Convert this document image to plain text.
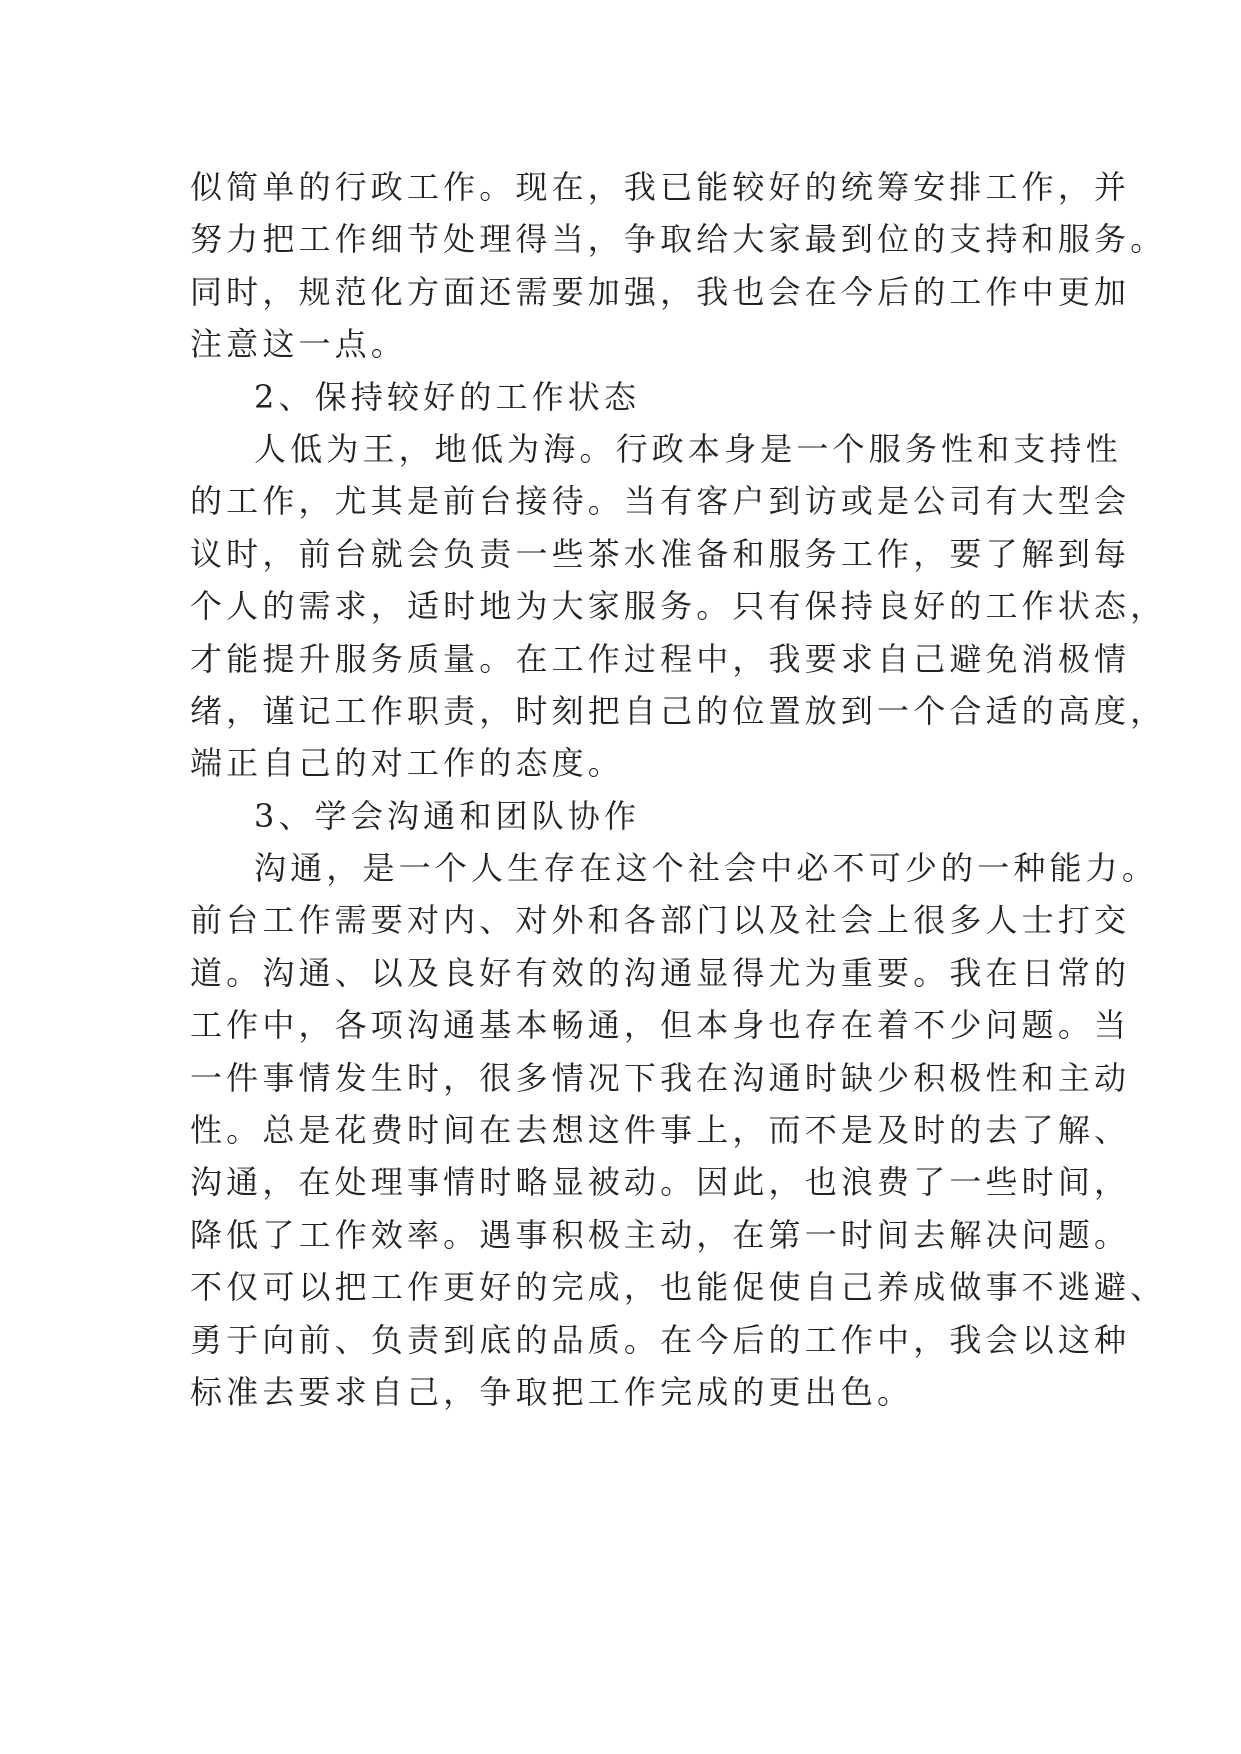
似简单的行政工作。现在，我已能较好的统筹安排工作，并
努力把工作细节处理得当，争取给大家最到位的支持和服务。
同时，规范化方面还需要加强，我也会在今后的工作中更加
注意这一点。
2、保持较好的工作状态
人低为王，地低为海。行政本身是一个服务性和支持性
的工作，尤其是前台接待。当有客户到访或是公司有大型会
议时，前台就会负责一些茶水准备和服务工作，要了解到每
个人的需求，适时地为大家服务。只有保持良好的工作状态，
才能提升服务质量。在工作过程中，我要求自己避免消极情
绪，谨记工作职责，时刻把自己的位置放到一个合适的高度，
端正自己的对工作的态度。
3、学会沟通和团队协作
沟通，是一个人生存在这个社会中必不可少的一种能力。
前台工作需要对内、对外和各部门以及社会上很多人士打交
道。沟通、以及良好有效的沟通显得尤为重要。我在日常的
工作中，各项沟通基本畅通，但本身也存在着不少问题。当
一件事情发生时，很多情况下我在沟通时缺少积极性和主动
性。总是花费时间在去想这件事上，而不是及时的去了解、
沟通，在处理事情时略显被动。因此，也浪费了一些时间，
降低了工作效率。遇事积极主动，在第一时间去解决问题。
不仅可以把工作更好的完成，也能促使自己养成做事不逃避、
勇于向前、负责到底的品质。在今后的工作中，我会以这种
标准去要求自己，争取把工作完成的更出色。
